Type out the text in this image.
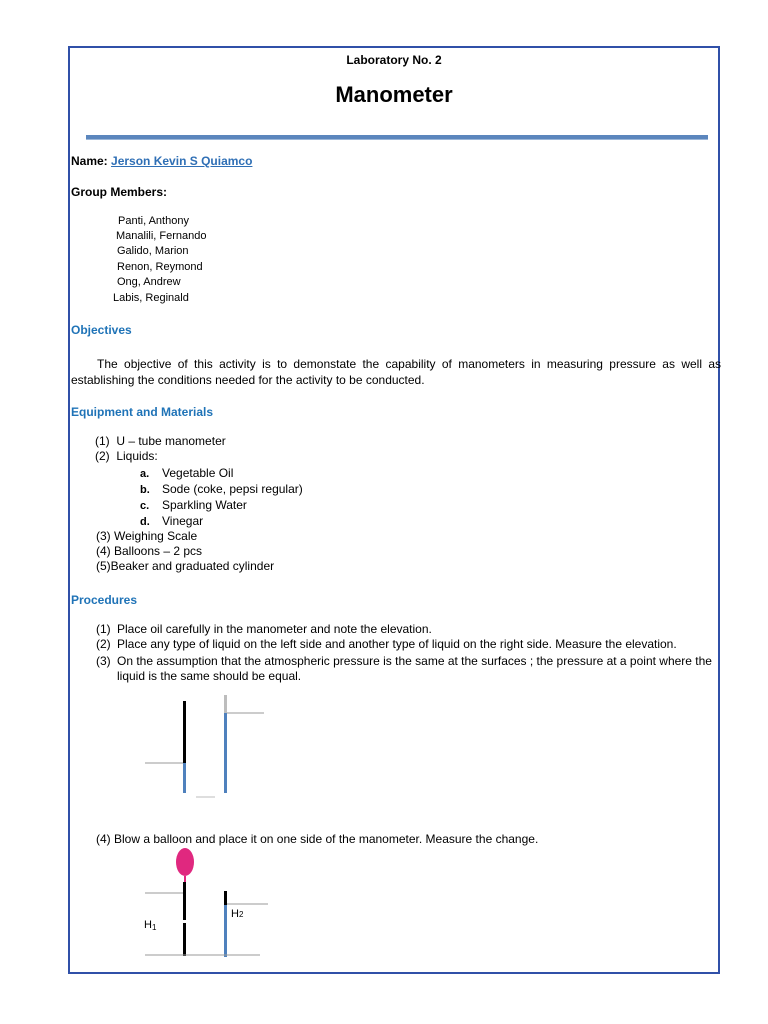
Laboratory No. 2
Manometer
Name: Jerson Kevin S Quiamco
Group Members:
Panti, Anthony
Manalili, Fernando
Galido, Marion
Renon, Reymond
Ong, Andrew
Labis, Reginald
Objectives
The objective of this activity is to demonstate the capability of manometers in measuring pressure as well as establishing the conditions needed for the activity to be conducted.
Equipment and Materials
(1) U – tube manometer
(2) Liquids:
a. Vegetable Oil
b. Sode (coke, pepsi regular)
c. Sparkling Water
d. Vinegar
(3) Weighing Scale
(4) Balloons – 2 pcs
(5)Beaker and graduated cylinder
Procedures
(1) Place oil carefully in the manometer and note the elevation.
(2) Place any type of liquid on the left side and another type of liquid on the right side. Measure the elevation.
(3) On the assumption that the atmospheric pressure is the same at the surfaces ; the pressure at a point where the liquid is the same should be equal.
(4) Blow a balloon and place it on one side of the manometer. Measure the change.
H1
H2
